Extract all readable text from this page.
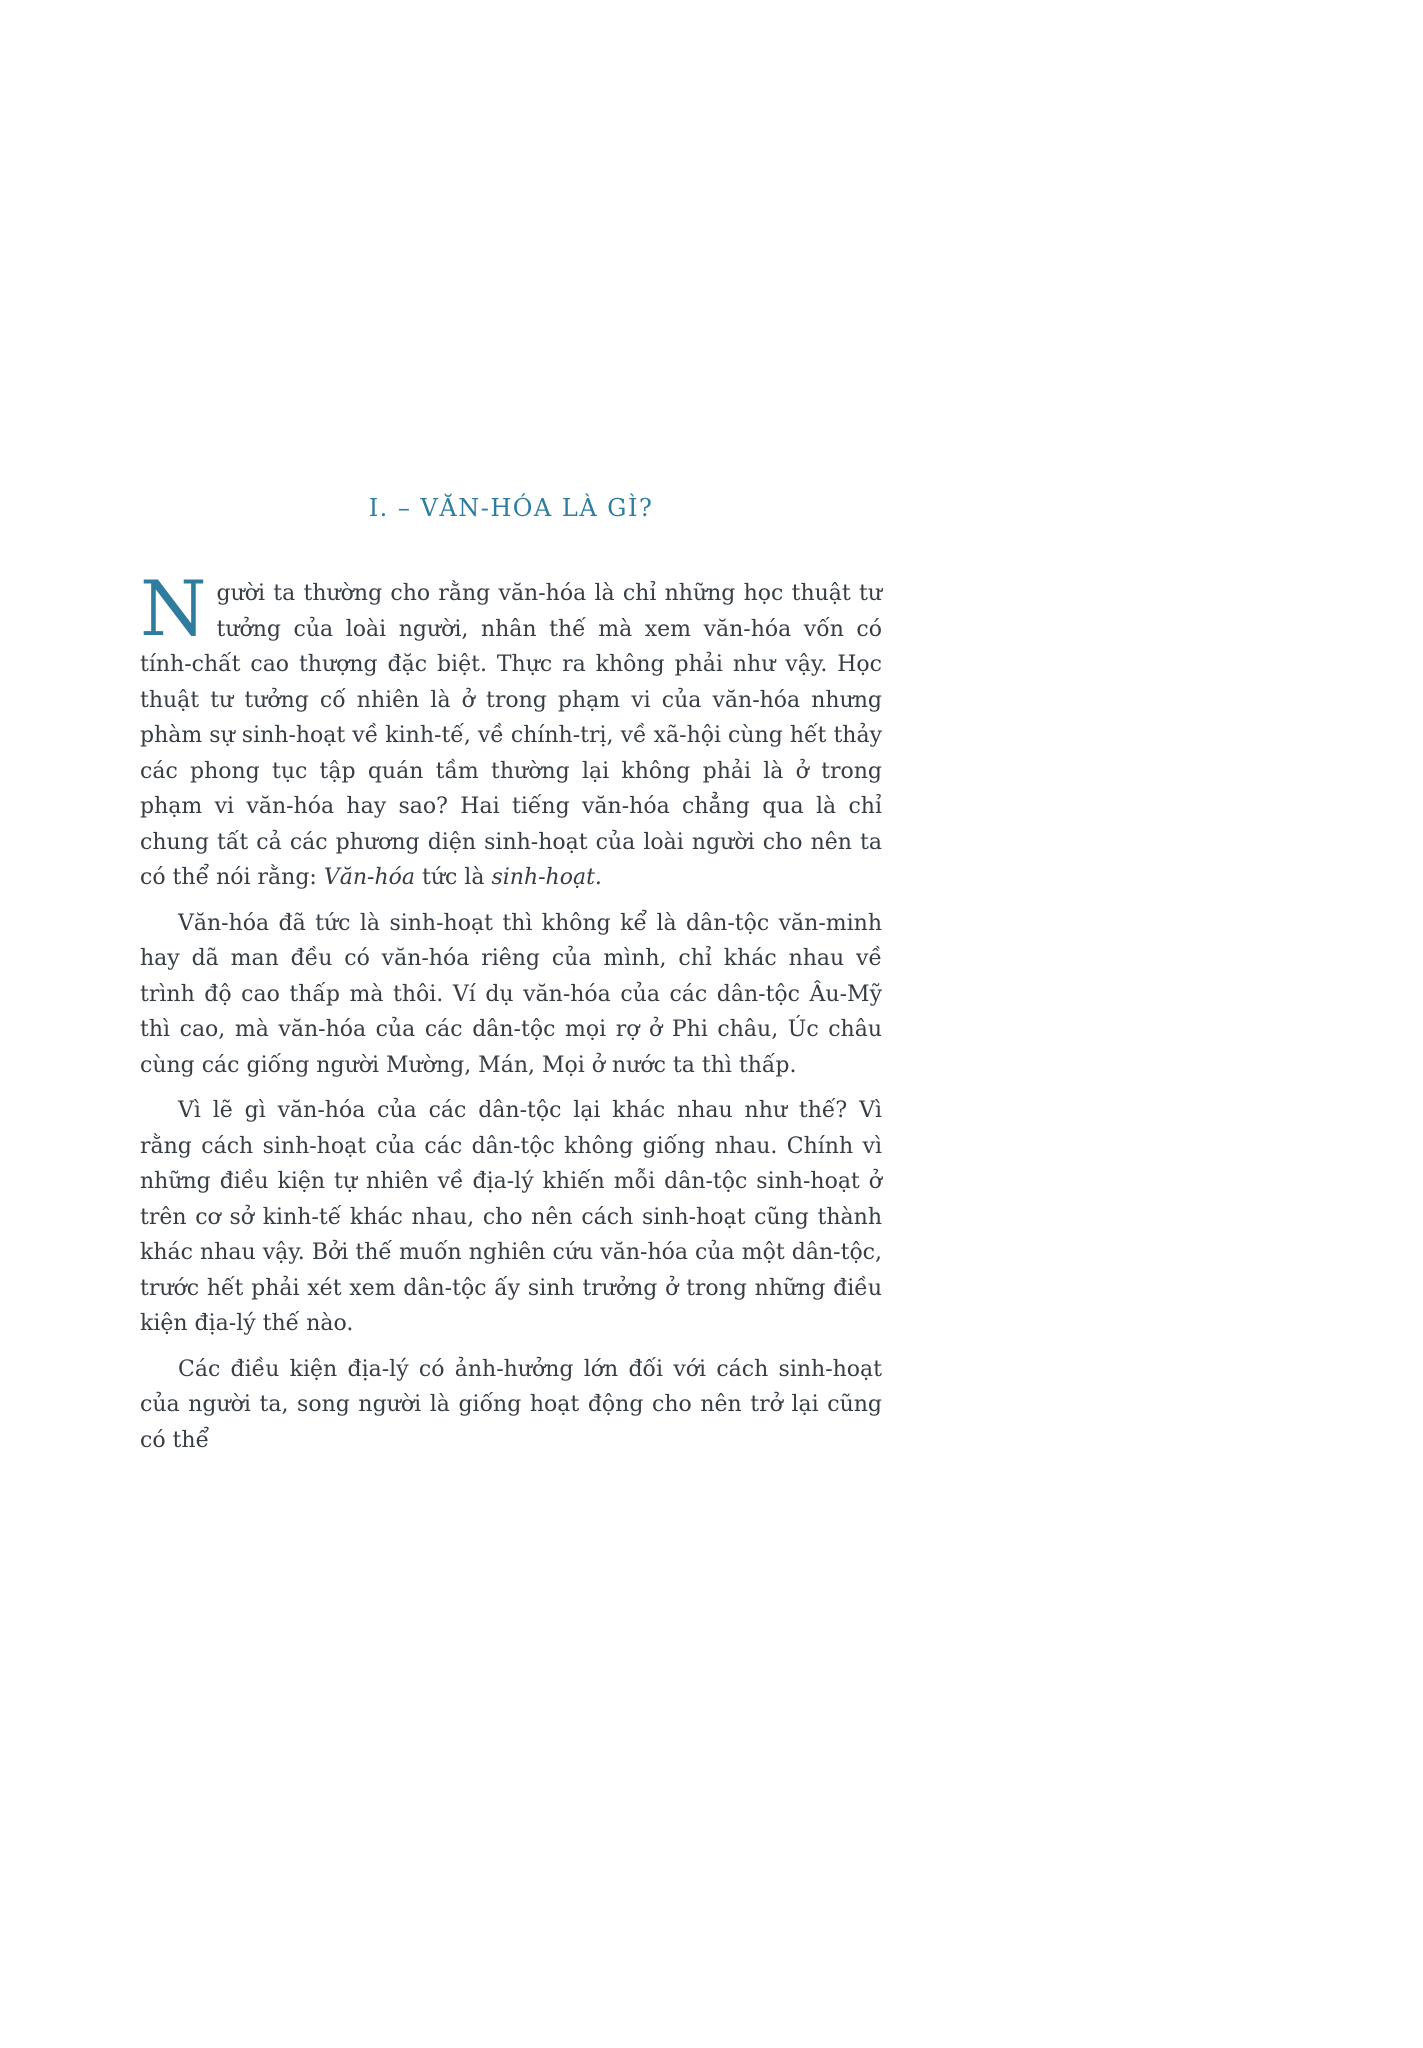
I. – VĂN-HÓA LÀ GÌ?

Người ta thường cho rằng văn-hóa là chỉ những học thuật tư tưởng của loài người, nhân thế mà xem văn-hóa vốn có tính-chất cao thượng đặc biệt. Thực ra không phải như vậy. Học thuật tư tưởng cố nhiên là ở trong phạm vi của văn-hóa nhưng phàm sự sinh-hoạt về kinh-tế, về chính-trị, về xã-hội cùng hết thảy các phong tục tập quán tầm thường lại không phải là ở trong phạm vi văn-hóa hay sao? Hai tiếng văn-hóa chẳng qua là chỉ chung tất cả các phương diện sinh-hoạt của loài người cho nên ta có thể nói rằng: Văn-hóa tức là sinh-hoạt.

Văn-hóa đã tức là sinh-hoạt thì không kể là dân-tộc văn-minh hay dã man đều có văn-hóa riêng của mình, chỉ khác nhau về trình độ cao thấp mà thôi. Ví dụ văn-hóa của các dân-tộc Âu-Mỹ thì cao, mà văn-hóa của các dân-tộc mọi rợ ở Phi châu, Úc châu cùng các giống người Mường, Mán, Mọi ở nước ta thì thấp.

Vì lẽ gì văn-hóa của các dân-tộc lại khác nhau như thế? Vì rằng cách sinh-hoạt của các dân-tộc không giống nhau. Chính vì những điều kiện tự nhiên về địa-lý khiến mỗi dân-tộc sinh-hoạt ở trên cơ sở kinh-tế khác nhau, cho nên cách sinh-hoạt cũng thành khác nhau vậy. Bởi thế muốn nghiên cứu văn-hóa của một dân-tộc, trước hết phải xét xem dân-tộc ấy sinh trưởng ở trong những điều kiện địa-lý thế nào.

Các điều kiện địa-lý có ảnh-hưởng lớn đối với cách sinh-hoạt của người ta, song người là giống hoạt động cho nên trở lại cũng có thể
